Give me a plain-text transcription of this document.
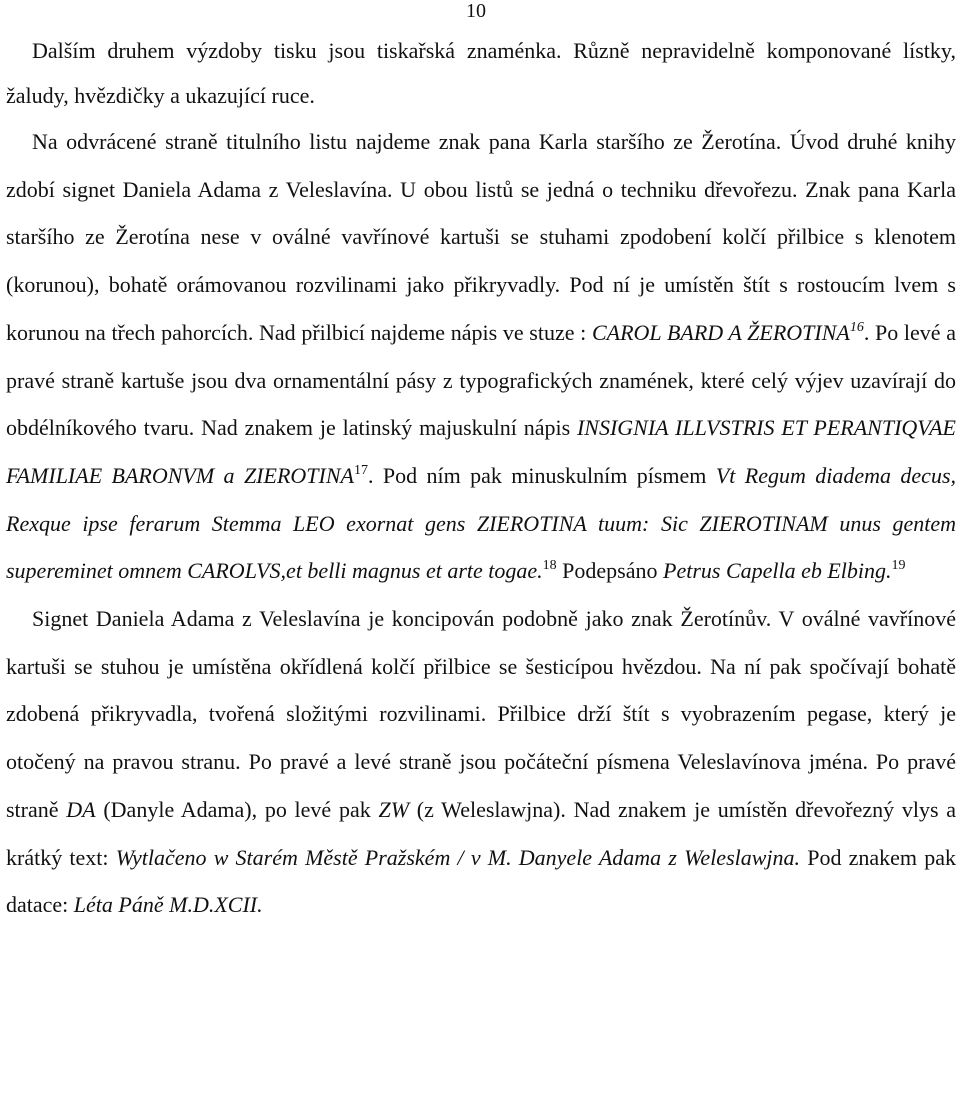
10

Dalším druhem výzdoby tisku jsou tiskařská znaménka. Různě nepravidelně komponované lístky, žaludy, hvězdičky a ukazující ruce.

Na odvrácené straně titulního listu najdeme znak pana Karla staršího ze Žerotína. Úvod druhé knihy zdobí signet Daniela Adama z Veleslavína. U obou listů se jedná o techniku dřevořezu. Znak pana Karla staršího ze Žerotína nese v oválné vavřínové kartuši se stuhami zpodobení kolčí přilbice s klenotem (korunou), bohatě orámovanou rozvilinami jako přikryvadly. Pod ní je umístěn štít s rostoucím lvem s korunou na třech pahorcích. Nad přilbicí najdeme nápis ve stuze : CAROL BARD A ŽEROTINA$^{16}$. Po levé a pravé straně kartuše jsou dva ornamentální pásy z typografických znamének, které celý výjev uzavírají do obdélníkového tvaru. Nad znakem je latinský majuskulní nápis INSIGNIA ILLVSTRIS ET PERANTIQVAE FAMILIAE BARONVM a ZIEROTINA$^{17}$. Pod ním pak minuskulním písmem Vt Regum diadema decus, Rexque ipse ferarum Stemma LEO exornat gens ZIEROTINA tuum: Sic ZIEROTINAM unus gentem supereminet omnem CAROLVS,et belli magnus et arte togae.$^{18}$ Podepsáno Petrus Capella eb Elbing.$^{19}$

Signet Daniela Adama z Veleslavína je koncipován podobně jako znak Žerotínův. V oválné vavřínové kartuši se stuhou je umístěna okřídlená kolčí přilbice se šesticípou hvězdou. Na ní pak spočívají bohatě zdobená přikryvadla, tvořená složitými rozvilinami. Přilbice drží štít s vyobrazením pegase, který je otočený na pravou stranu. Po pravé a levé straně jsou počáteční písmena Veleslavínova jména. Po pravé straně DA (Danyle Adama), po levé pak ZW (z Weleslawjna). Nad znakem je umístěn dřevořezný vlys a krátký text: Wytlačeno w Starém Městě Pražském / v M. Danyele Adama z Weleslawjna. Pod znakem pak datace: Léta Páně M.D.XCII.
